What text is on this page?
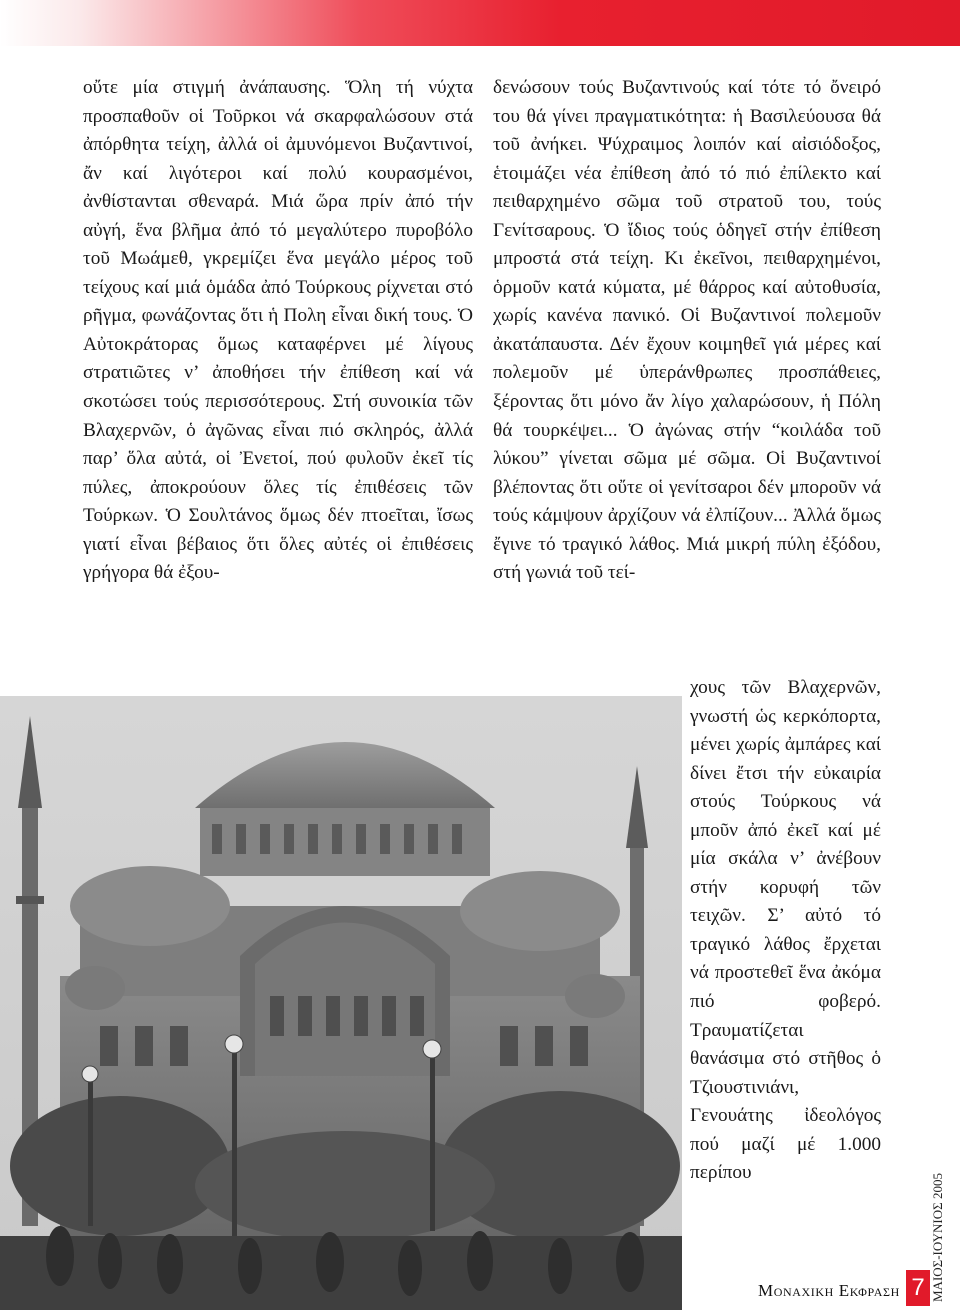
οὔτε μία στιγμή ἀνάπαυσης. Ὅλη τή νύχτα προσπαθοῦν οἱ Τοῦρκοι νά σκαρφαλώσουν στά ἀπόρθητα τείχη, ἀλλά οἱ ἀμυνόμενοι Βυζαντινοί, ἄν καί λιγότεροι καί πολύ κουρασμένοι, ἀνθίστανται σθεναρά. Μιά ὥρα πρίν ἀπό τήν αὐγή, ἕνα βλῆμα ἀπό τό μεγαλύτερο πυροβόλο τοῦ Μωάμεθ, γκρεμίζει ἕνα μεγάλο μέρος τοῦ τείχους καί μιά ὁμάδα ἀπό Τούρκους ρίχνεται στό ρῆγμα, φωνάζοντας ὅτι ἡ Πολη εἶναι δική τους. Ὁ Αὐτοκράτορας ὅμως καταφέρνει μέ λίγους στρατιῶτες ν’ ἀποθήσει τήν ἐπίθεση καί νά σκοτώσει τούς περισσότερους. Στή συνοικία τῶν Βλαχερνῶν, ὁ ἀγῶνας εἶναι πιό σκληρός, ἀλλά παρ’ ὅλα αὐτά, οἱ Ἐνετοί, πού φυλοῦν ἐκεῖ τίς πύλες, ἀποκρούουν ὅλες τίς ἐπιθέσεις τῶν Τούρκων. Ὁ Σουλτάνος ὅμως δέν πτοεῖται, ἴσως γιατί εἶναι βέβαιος ὅτι ὅλες αὐτές οἱ ἐπιθέσεις γρήγορα θά ἐξου-

δενώσουν τούς Βυζαντινούς καί τότε τό ὄνειρό του θά γίνει πραγματικότητα: ἡ Βασιλεύουσα θά τοῦ ἀνήκει. Ψύχραιμος λοιπόν καί αἰσιόδοξος, ἑτοιμάζει νέα ἐπίθεση ἀπό τό πιό ἐπίλεκτο καί πειθαρχημένο σῶμα τοῦ στρατοῦ του, τούς Γενίτσαρους. Ὁ ἴδιος τούς ὁδηγεῖ στήν ἐπίθεση μπροστά στά τείχη. Κι ἐκεῖνοι, πειθαρχημένοι, ὁρμοῦν κατά κύματα, μέ θάρρος καί αὐτοθυσία, χωρίς κανένα πανικό. Οἱ Βυζαντινοί πολεμοῦν ἀκατάπαυστα. Δέν ἔχουν κοιμηθεῖ γιά μέρες καί πολεμοῦν μέ ὑπεράνθρωπες προσπάθειες, ξέροντας ὅτι μόνο ἄν λίγο χαλαρώσουν, ἡ Πόλη θά τουρκέψει... Ὁ ἀγώνας στήν “κοιλάδα τοῦ λύκου” γίνεται σῶμα μέ σῶμα. Οἱ Βυζαντινοί βλέποντας ὅτι οὔτε οἱ γενίτσαροι δέν μποροῦν νά τούς κάμψουν ἀρχίζουν νά ἐλπίζουν... Ἀλλά ὅμως ἔγινε τό τραγικό λάθος. Μιά μικρή πύλη ἐξόδου, στή γωνιά τοῦ τεί-

χους τῶν Βλαχερνῶν, γνωστή ὡς κερκόπορτα, μένει χωρίς ἀμπάρες καί δίνει ἔτσι τήν εὐκαιρία στούς Τούρκους νά μποῦν ἀπό ἐκεῖ καί μέ μία σκάλα ν’ ἀνέβουν στήν κορυφή τῶν τειχῶν. Σ’ αὐτό τό τραγικό λάθος ἔρχεται νά προστεθεῖ ἕνα ἀκόμα πιό φοβερό. Τραυματίζεται θανάσιμα στό στῆθος ὁ Τζιουστινιάνι, Γενουάτης ἰδεολόγος πού μαζί μέ 1.000 περίπου

ΜΑΙΟΣ-ΙΟΥΝΙΟΣ 2005
Μοναχικη Εκφραση 7
